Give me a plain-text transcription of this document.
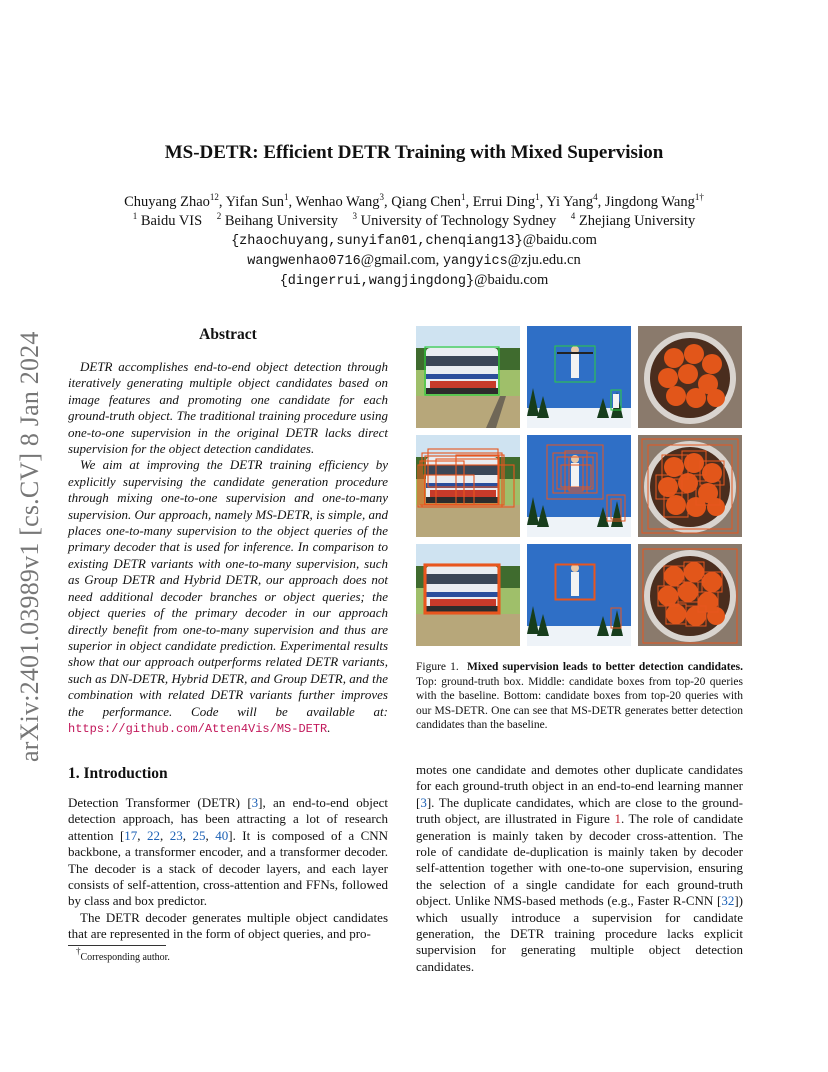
arXiv:2401.03989v1 [cs.CV] 8 Jan 2024
MS-DETR: Efficient DETR Training with Mixed Supervision
Chuyang Zhao$^{12}$, Yifan Sun$^1$, Wenhao Wang$^3$, Qiang Chen$^1$, Errui Ding$^1$, Yi Yang$^4$, Jingdong Wang$^{1\dagger}$
$^1$ Baidu VIS $^2$ Beihang University $^3$ University of Technology Sydney $^4$ Zhejiang University
{zhaochuyang,sunyifan01,chenqiang13}@baidu.com
wangwenhao0716@gmail.com, yangyics@zju.edu.cn
{dingerrui,wangjingdong}@baidu.com
Abstract

DETR accomplishes end-to-end object detection through iteratively generating multiple object candidates based on image features and promoting one candidate for each ground-truth object. The traditional training procedure using one-to-one supervision in the original DETR lacks direct supervision for the object detection candidates.

We aim at improving the DETR training efficiency by explicitly supervising the candidate generation procedure through mixing one-to-one supervision and one-to-many supervision. Our approach, namely MS-DETR, is simple, and places one-to-many supervision to the object queries of the primary decoder that is used for inference. In comparison to existing DETR variants with one-to-many supervision, such as Group DETR and Hybrid DETR, our approach does not need additional decoder branches or object queries; the object queries of the primary decoder in our approach directly benefit from one-to-many supervision and thus are superior in object candidate prediction. Experimental results show that our approach outperforms related DETR variants, such as DN-DETR, Hybrid DETR, and Group DETR, and the combination with related DETR variants further improves the performance. Code will be available at: https://github.com/Atten4Vis/MS-DETR.

1. Introduction

Detection Transformer (DETR) [3], an end-to-end object detection approach, has been attracting a lot of research attention [17, 22, 23, 25, 40]. It is composed of a CNN backbone, a transformer encoder, and a transformer decoder. The decoder is a stack of decoder layers, and each layer consists of self-attention, cross-attention and FFNs, followed by class and box predictor.

The DETR decoder generates multiple object candidates that are represented in the form of object queries, and pro-

motes one candidate and demotes other duplicate candidates for each ground-truth object in an end-to-end learning manner [3]. The duplicate candidates, which are close to the ground-truth object, are illustrated in Figure 1. The role of candidate generation is mainly taken by decoder cross-attention. The role of candidate de-duplication is mainly taken by decoder self-attention together with one-to-one supervision, ensuring the selection of a single candidate for each ground-truth object. Unlike NMS-based methods (e.g., Faster R-CNN [32]) which usually introduce a supervision for candidate generation, the DETR training procedure lacks explicit supervision for generating multiple object detection candidates.

Figure 1. Mixed supervision leads to better detection candidates. Top: ground-truth box. Middle: candidate boxes from top-20 queries with the baseline. Bottom: candidate boxes from top-20 queries with our MS-DETR. One can see that MS-DETR generates better detection candidates than the baseline.
†Corresponding author.
